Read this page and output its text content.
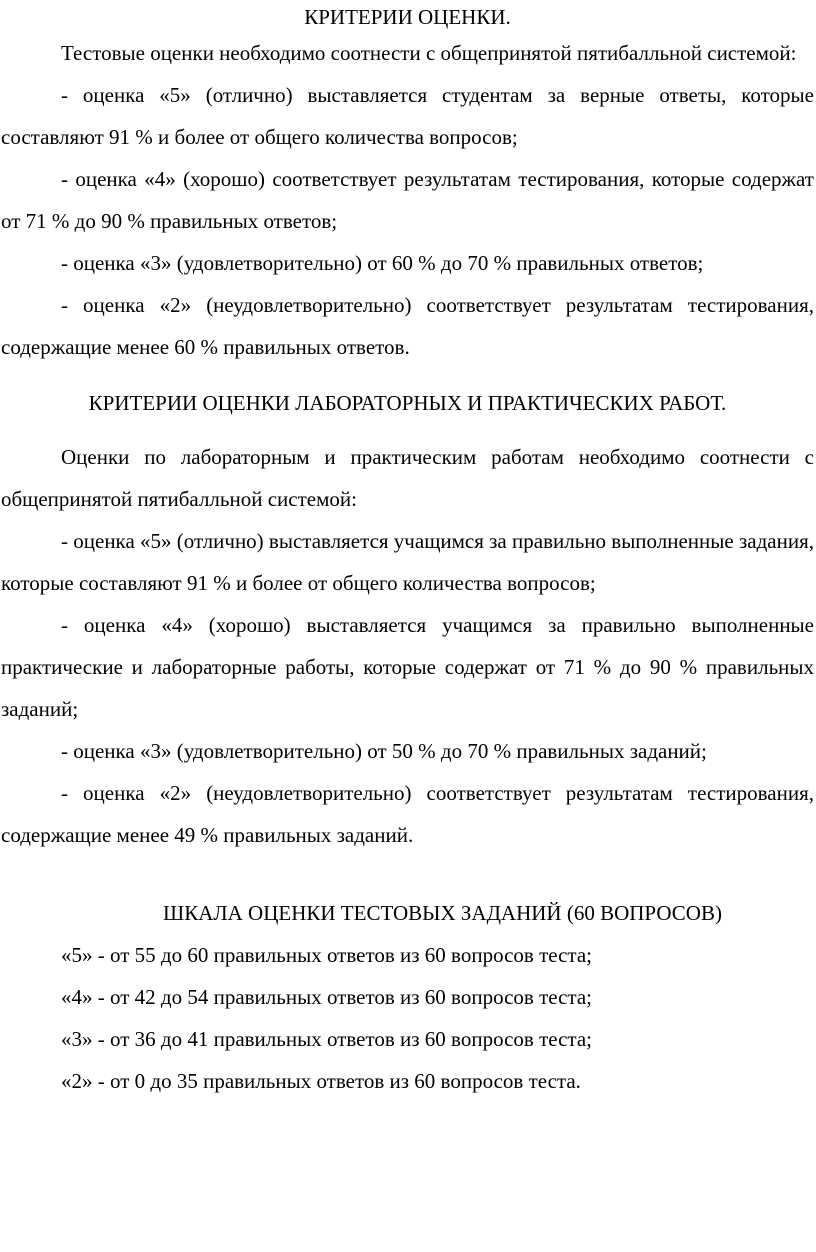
КРИТЕРИИ ОЦЕНКИ.

Тестовые оценки необходимо соотнести с общепринятой пятибалльной системой:

- оценка «5» (отлично) выставляется студентам за верные ответы, которые составляют 91 % и более от общего количества вопросов;

- оценка «4» (хорошо) соответствует результатам тестирования, которые содержат от 71 % до 90 % правильных ответов;

- оценка «3» (удовлетворительно) от 60 % до 70 % правильных ответов;

- оценка «2» (неудовлетворительно) соответствует результатам тестирования, содержащие менее 60 % правильных ответов.

КРИТЕРИИ ОЦЕНКИ ЛАБОРАТОРНЫХ И ПРАКТИЧЕСКИХ РАБОТ.

Оценки по лабораторным и практическим работам необходимо соотнести с общепринятой пятибалльной системой:

- оценка «5» (отлично) выставляется учащимся за правильно выполненные задания, которые составляют 91 % и более от общего количества вопросов;

- оценка «4» (хорошо) выставляется учащимся за правильно выполненные практические и лабораторные работы, которые содержат от 71 % до 90 % правильных заданий;

- оценка «3» (удовлетворительно) от 50 % до 70 % правильных заданий;

- оценка «2» (неудовлетворительно) соответствует результатам тестирования, содержащие менее 49 % правильных заданий.

ШКАЛА ОЦЕНКИ ТЕСТОВЫХ ЗАДАНИЙ (60 ВОПРОСОВ)

«5» - от 55 до 60 правильных ответов из 60 вопросов теста;

«4» - от 42 до 54 правильных ответов из 60 вопросов теста;

«3» - от 36 до 41 правильных ответов из 60 вопросов теста;

«2» - от 0 до 35 правильных ответов из 60 вопросов теста.
